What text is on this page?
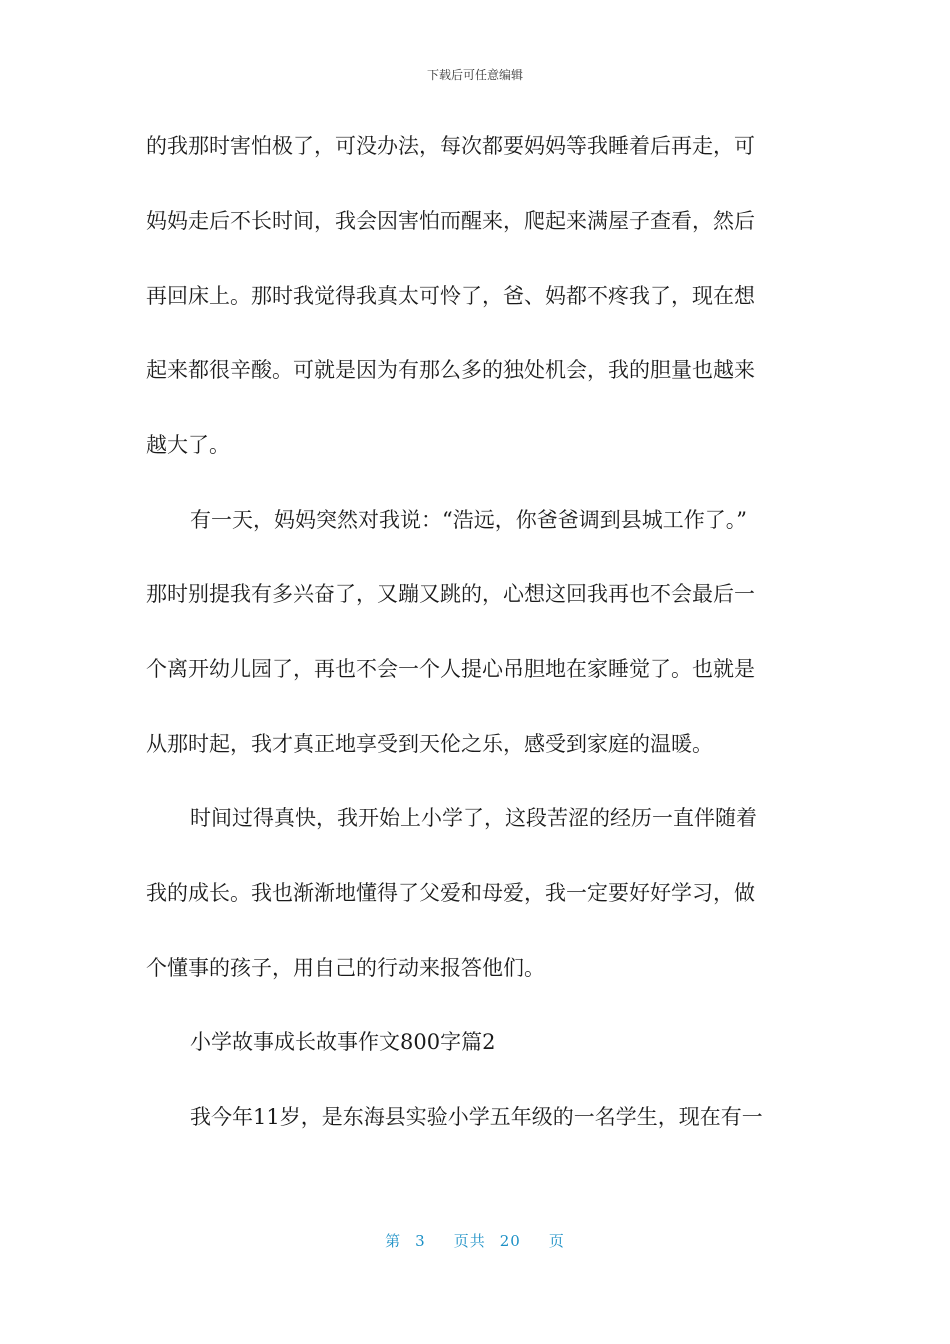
下载后可任意编辑
的我那时害怕极了，可没办法，每次都要妈妈等我睡着后再走，可
妈妈走后不长时间，我会因害怕而醒来，爬起来满屋子查看，然后
再回床上。那时我觉得我真太可怜了，爸、妈都不疼我了，现在想
起来都很辛酸。可就是因为有那么多的独处机会，我的胆量也越来
越大了。
有一天，妈妈突然对我说：“浩远，你爸爸调到县城工作了。”
那时别提我有多兴奋了，又蹦又跳的，心想这回我再也不会最后一
个离开幼儿园了，再也不会一个人提心吊胆地在家睡觉了。也就是
从那时起，我才真正地享受到天伦之乐，感受到家庭的温暖。
时间过得真快，我开始上小学了，这段苦涩的经历一直伴随着
我的成长。我也渐渐地懂得了父爱和母爱，我一定要好好学习，做
个懂事的孩子，用自己的行动来报答他们。
小学故事成长故事作文800字篇2
我今年11岁，是东海县实验小学五年级的一名学生，现在有一
第 3 页共 20 页
